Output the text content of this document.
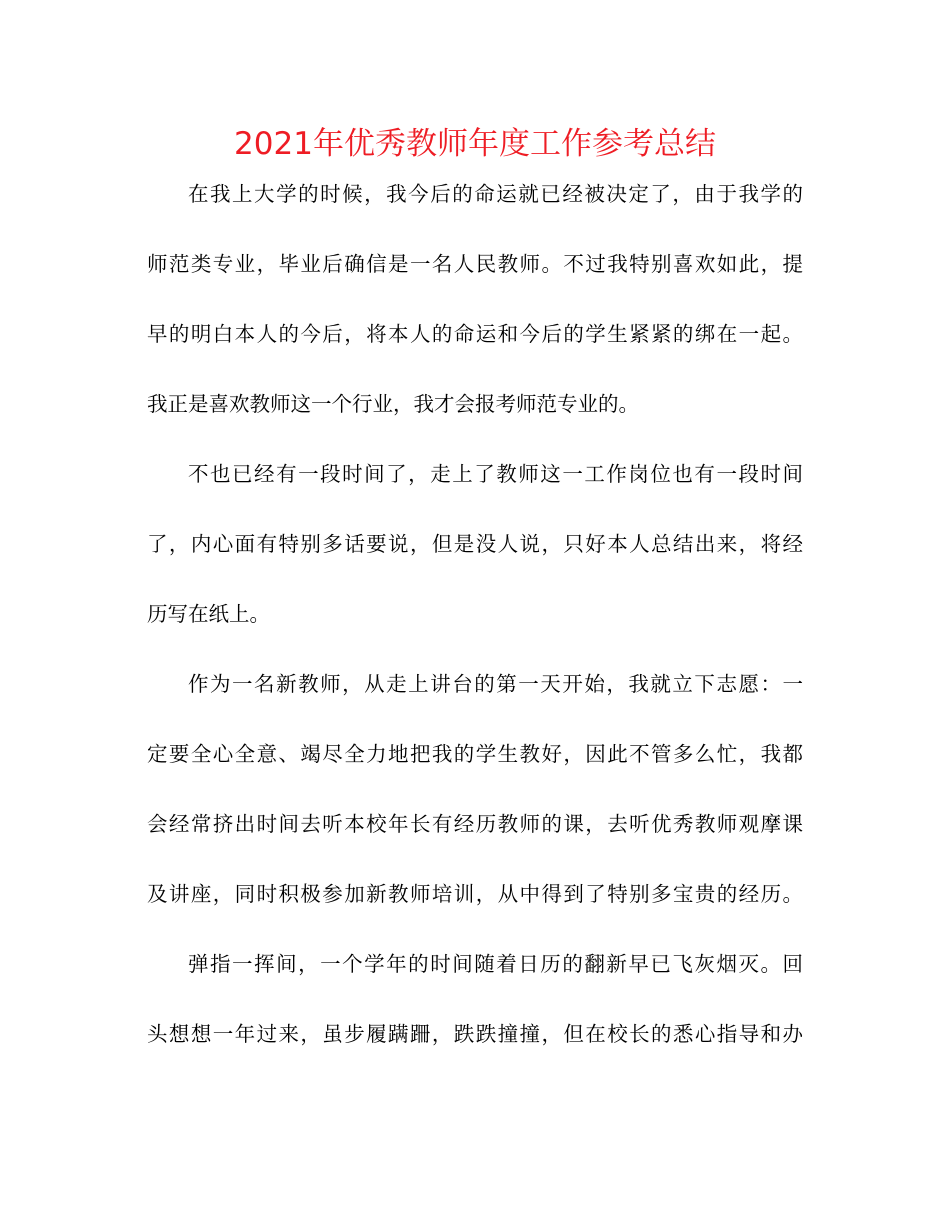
2021年优秀教师年度工作参考总结
在我上大学的时候，我今后的命运就已经被决定了，由于我学的
师范类专业，毕业后确信是一名人民教师。不过我特别喜欢如此，提
早的明白本人的今后，将本人的命运和今后的学生紧紧的绑在一起。
我正是喜欢教师这一个行业，我才会报考师范专业的。
不也已经有一段时间了，走上了教师这一工作岗位也有一段时间
了，内心面有特别多话要说，但是没人说，只好本人总结出来，将经
历写在纸上。
作为一名新教师，从走上讲台的第一天开始，我就立下志愿：一
定要全心全意、竭尽全力地把我的学生教好，因此不管多么忙，我都
会经常挤出时间去听本校年长有经历教师的课，去听优秀教师观摩课
及讲座，同时积极参加新教师培训，从中得到了特别多宝贵的经历。
弹指一挥间，一个学年的时间随着日历的翻新早已飞灰烟灭。回
头想想一年过来，虽步履蹒跚，跌跌撞撞，但在校长的悉心指导和办
